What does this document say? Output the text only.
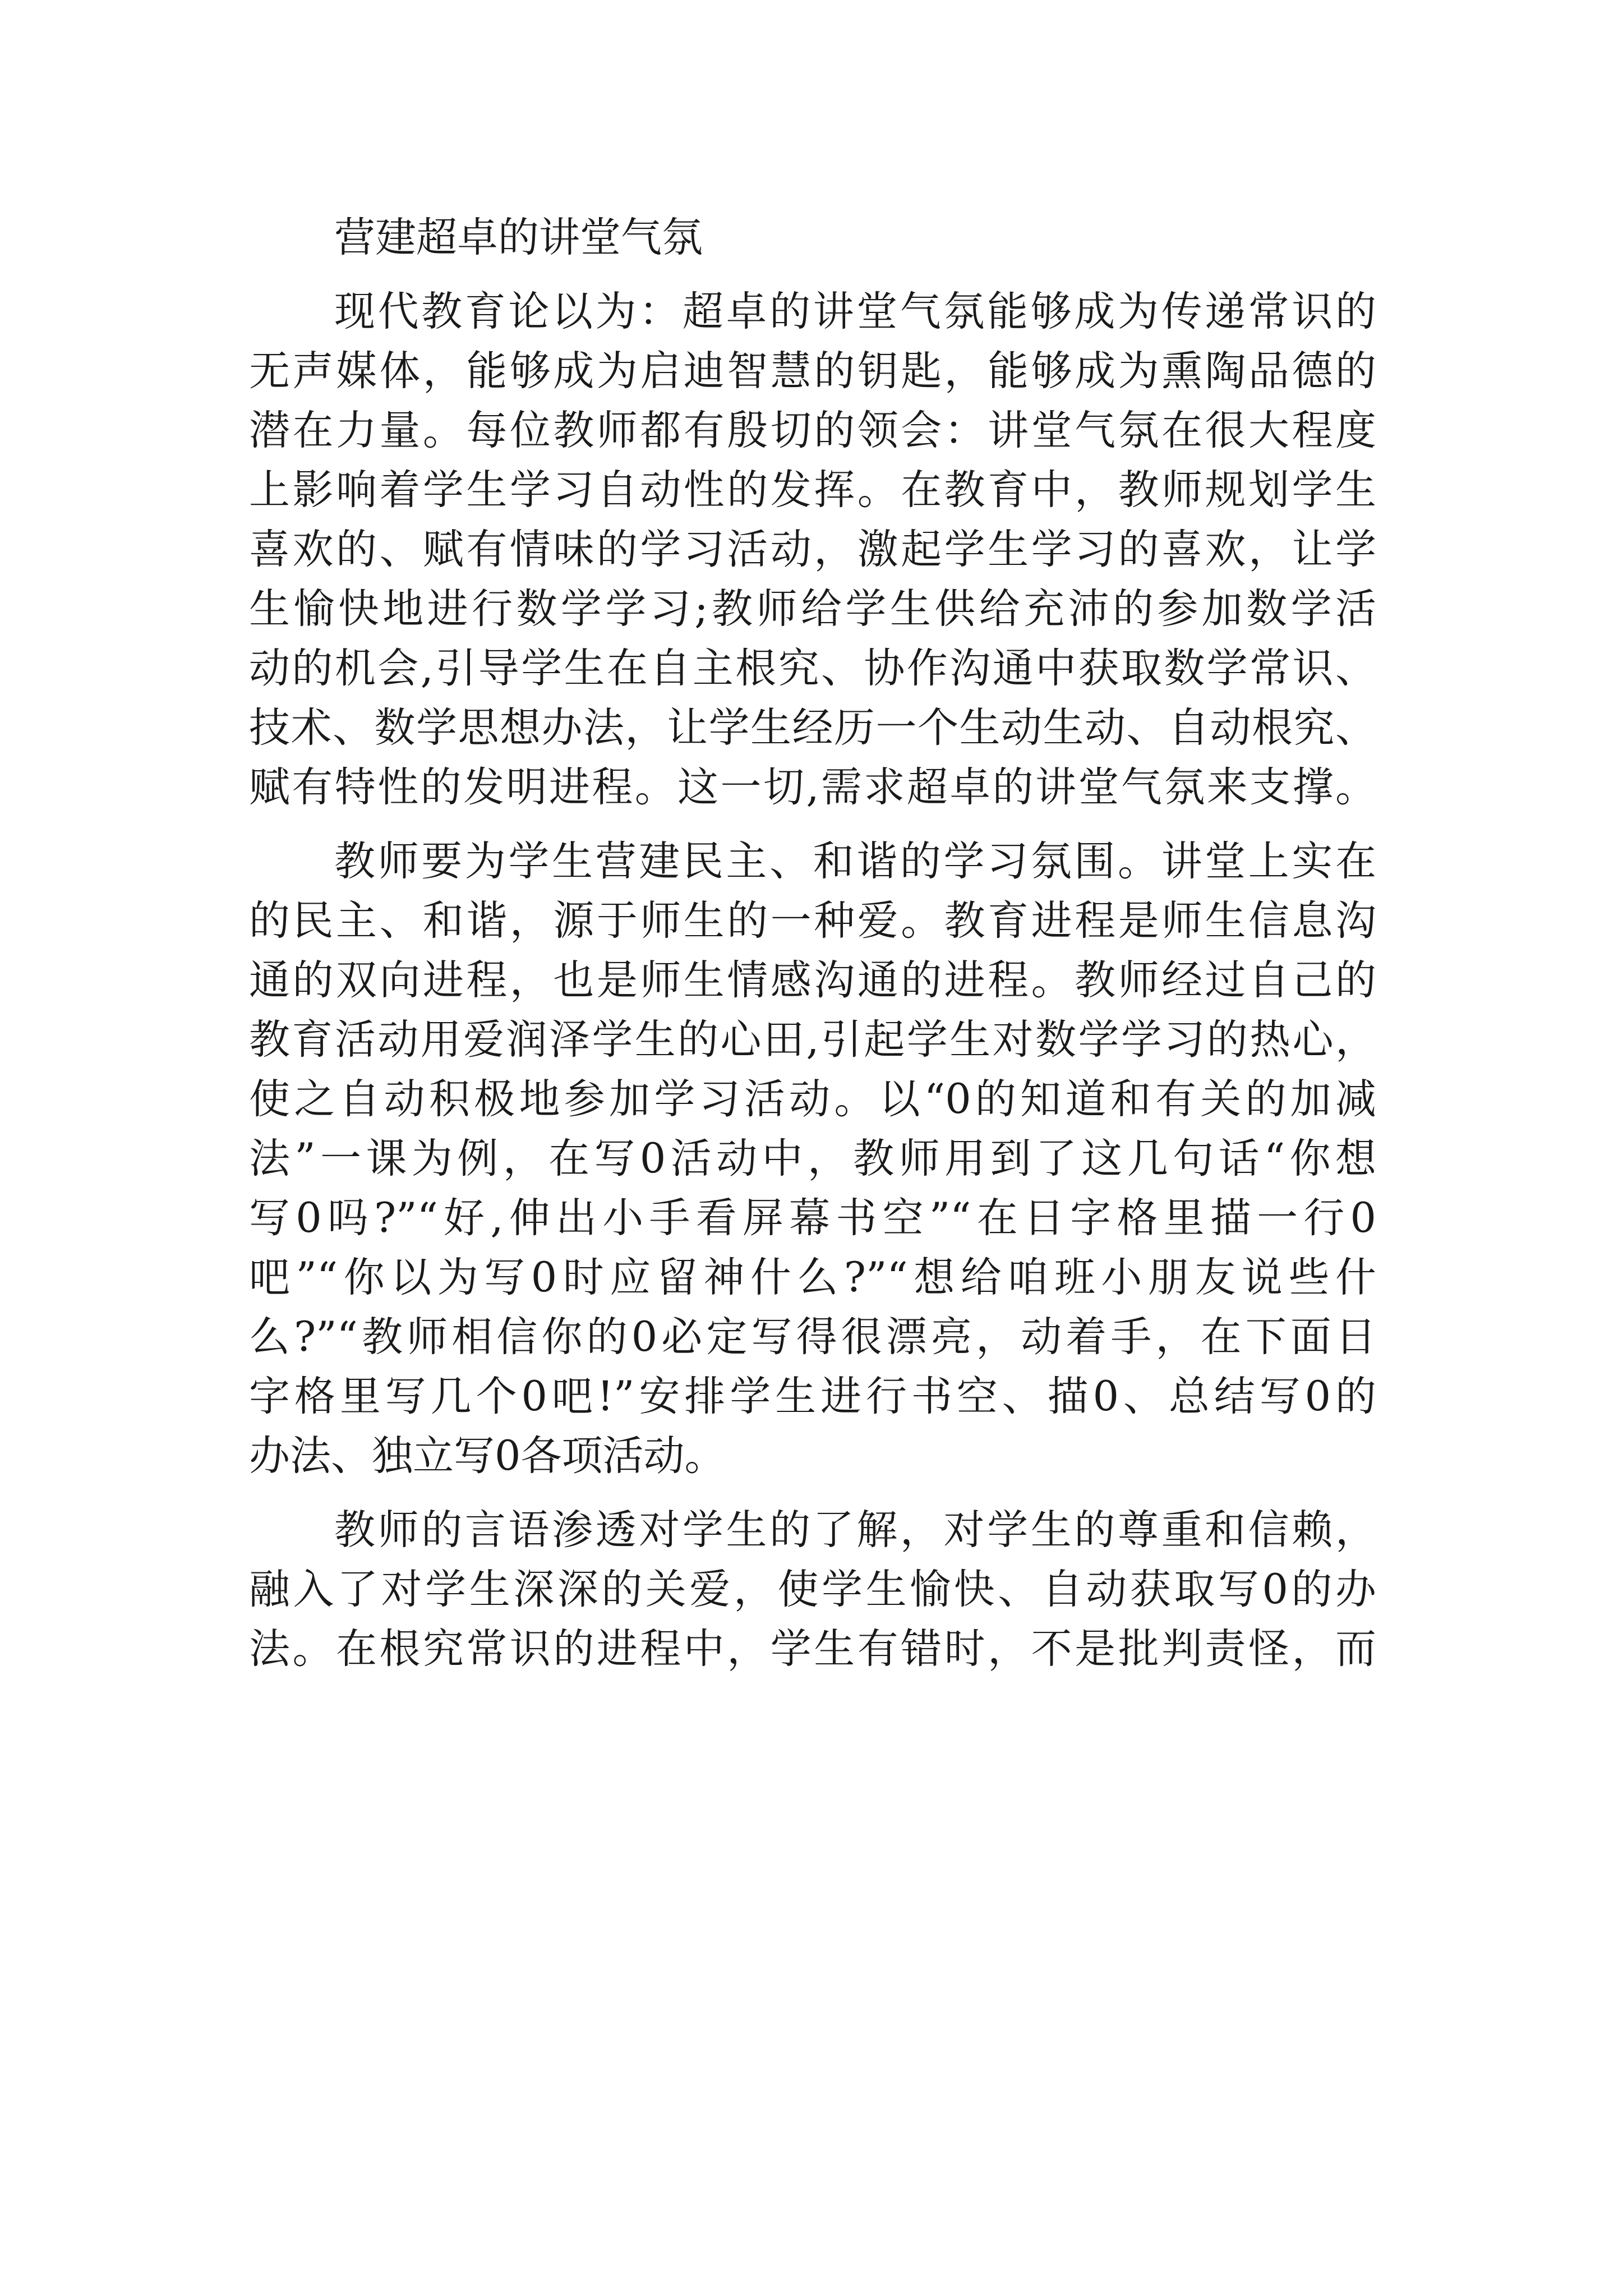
营建超卓的讲堂气氛
现代教育论以为：超卓的讲堂气氛能够成为传递常识的
无声媒体，能够成为启迪智慧的钥匙，能够成为熏陶品德的
潜在力量。每位教师都有殷切的领会：讲堂气氛在很大程度
上影响着学生学习自动性的发挥。在教育中，教师规划学生
喜欢的、赋有情味的学习活动，激起学生学习的喜欢，让学
生愉快地进行数学学习;教师给学生供给充沛的参加数学活
动的机会,引导学生在自主根究、协作沟通中获取数学常识、
技术、数学思想办法，让学生经历一个生动生动、自动根究、
赋有特性的发明进程。这一切,需求超卓的讲堂气氛来支撑。
教师要为学生营建民主、和谐的学习氛围。讲堂上实在
的民主、和谐，源于师生的一种爱。教育进程是师生信息沟
通的双向进程，也是师生情感沟通的进程。教师经过自己的
教育活动用爱润泽学生的心田,引起学生对数学学习的热心，
使之自动积极地参加学习活动。以“0的知道和有关的加减
法”一课为例，在写0活动中，教师用到了这几句话“你想
写0吗?”“好,伸出小手看屏幕书空”“在日字格里描一行0
吧”“你以为写0时应留神什么?”“想给咱班小朋友说些什
么?”“教师相信你的0必定写得很漂亮，动着手，在下面日
字格里写几个0吧!”安排学生进行书空、描0、总结写0的
办法、独立写0各项活动。
教师的言语渗透对学生的了解，对学生的尊重和信赖，
融入了对学生深深的关爱，使学生愉快、自动获取写0的办
法。在根究常识的进程中，学生有错时，不是批判责怪，而
